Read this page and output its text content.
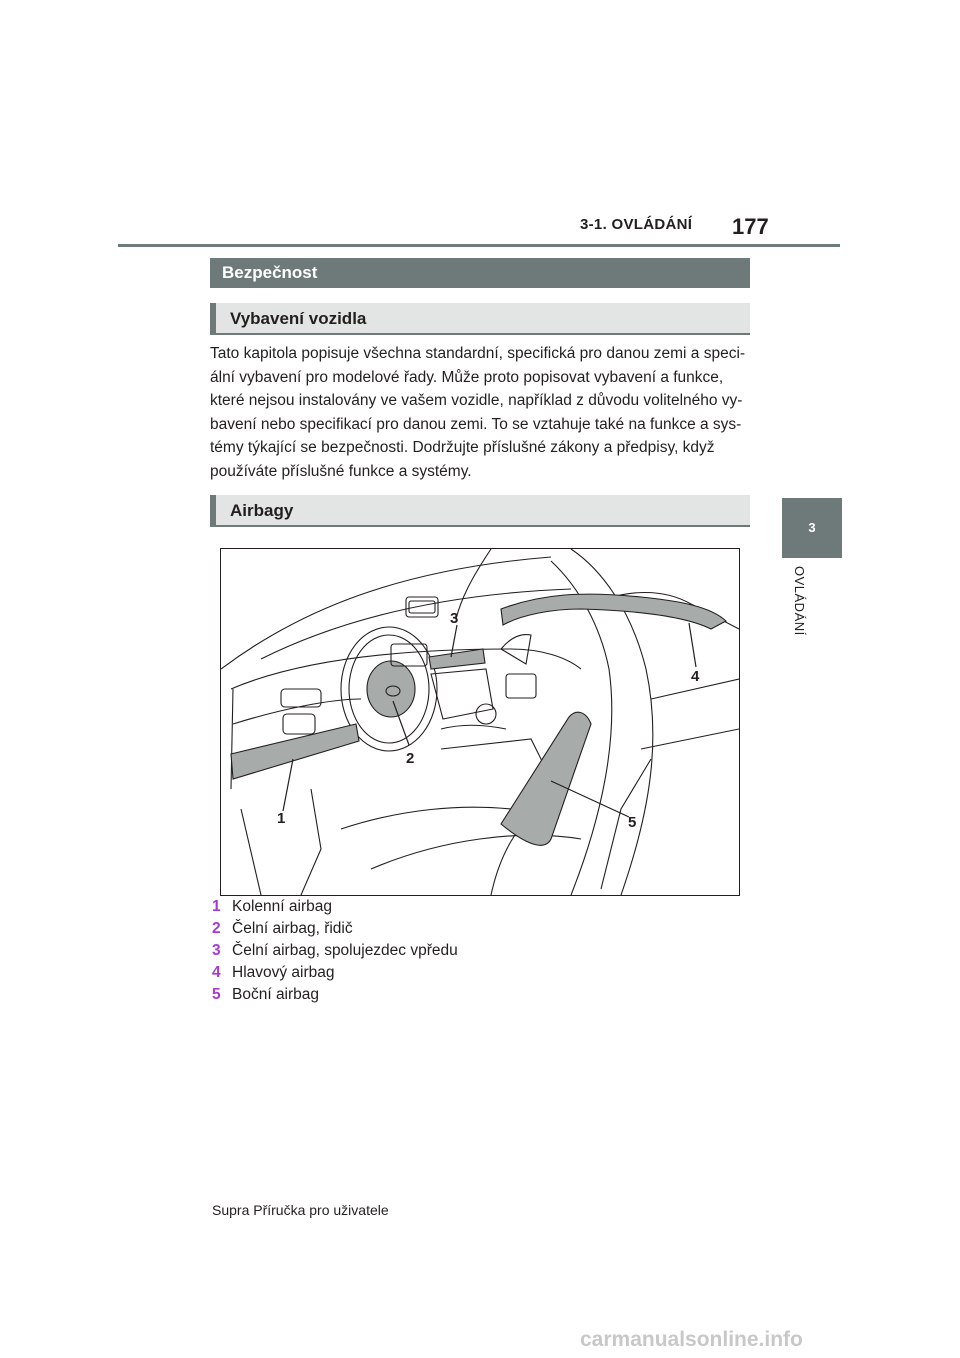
3-1. OVLÁDÁNÍ 177
Bezpečnost
Vybavení vozidla

Tato kapitola popisuje všechna standardní, specifická pro danou zemi a speci-ální vybavení pro modelové řady. Může proto popisovat vybavení a funkce, které nejsou instalovány ve vašem vozidle, například z důvodu volitelného vy-bavení nebo specifikací pro danou zemi. To se vztahuje také na funkce a sys-témy týkající se bezpečnosti. Dodržujte příslušné zákony a předpisy, když používáte příslušné funkce a systémy.

Airbagy
1
2
3
4
5
1 Kolenní airbag
2 Čelní airbag, řidič
3 Čelní airbag, spolujezdec vpředu
4 Hlavový airbag
5 Boční airbag
3
OVLÁDÁNÍ
Supra Příručka pro uživatele
carmanualsonline.info
